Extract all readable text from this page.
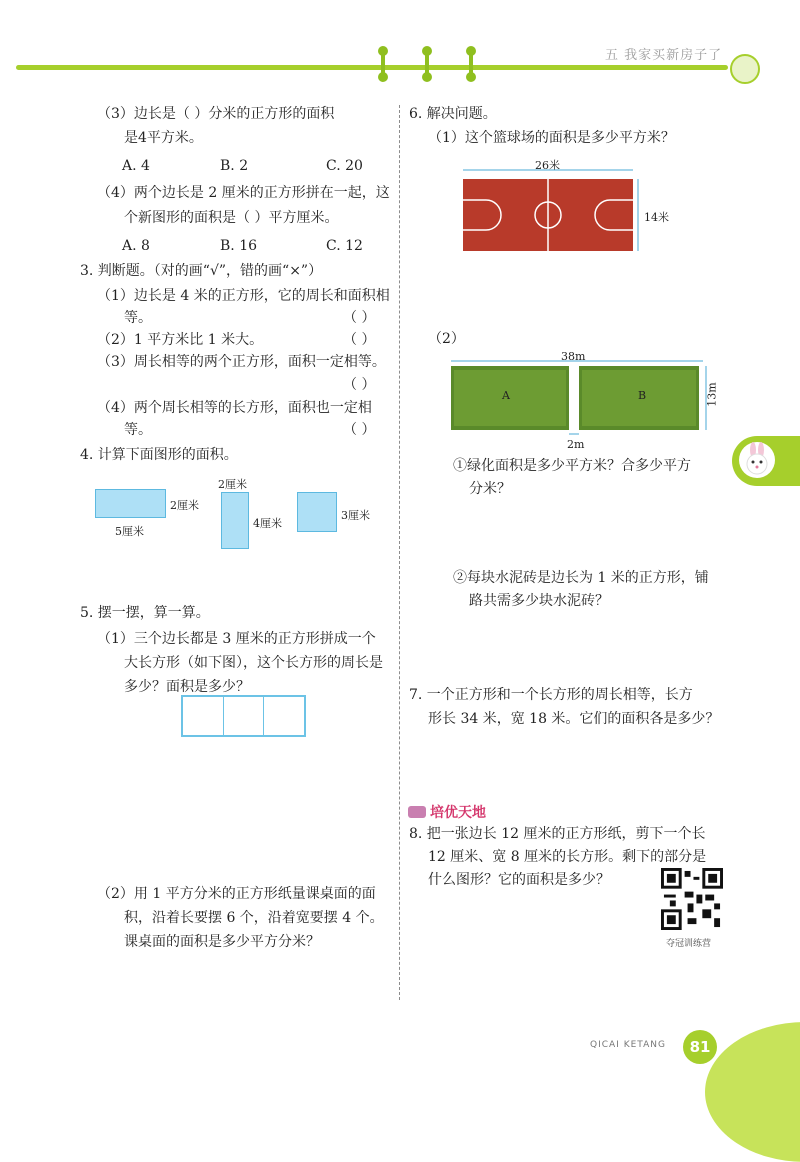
五 我家买新房子了
（3）边长是（ ）分米的正方形的面积
是4平方米。
A. 4	B. 2	C. 20
（4）两个边长是 2 厘米的正方形拼在一起，这
个新图形的面积是（ ）平方厘米。
A. 8	B. 16	C. 12
3. 判断题。（对的画“√”，错的画“×”）
（1）边长是 4 米的正方形，它的周长和面积相
等。	（ ）
（2）1 平方米比 1 米大。	（ ）
（3）周长相等的两个正方形，面积一定相等。
（ ）
（4）两个周长相等的长方形，面积也一定相
等。	（ ）
4. 计算下面图形的面积。
2厘米
5厘米
2厘米
4厘米
3厘米
5. 摆一摆，算一算。
（1）三个边长都是 3 厘米的正方形拼成一个
大长方形（如下图），这个长方形的周长是
多少？面积是多少？
（2）用 1 平方分米的正方形纸量课桌面的面
积，沿着长要摆 6 个，沿着宽要摆 4 个。
课桌面的面积是多少平方分米？
6. 解决问题。
（1）这个篮球场的面积是多少平方米？
26米
14米
（2）
38m
A	B	13m
2m
①绿化面积是多少平方米？合多少平方
分米？
②每块水泥砖是边长为 1 米的正方形，铺
路共需多少块水泥砖？
7. 一个正方形和一个长方形的周长相等，长方
形长 34 米，宽 18 米。它们的面积各是多少？
培优天地
8. 把一张边长 12 厘米的正方形纸，剪下一个长
12 厘米、宽 8 厘米的长方形。剩下的部分是
什么图形？它的面积是多少？
夺冠训练营
QICAI KETANG	81
